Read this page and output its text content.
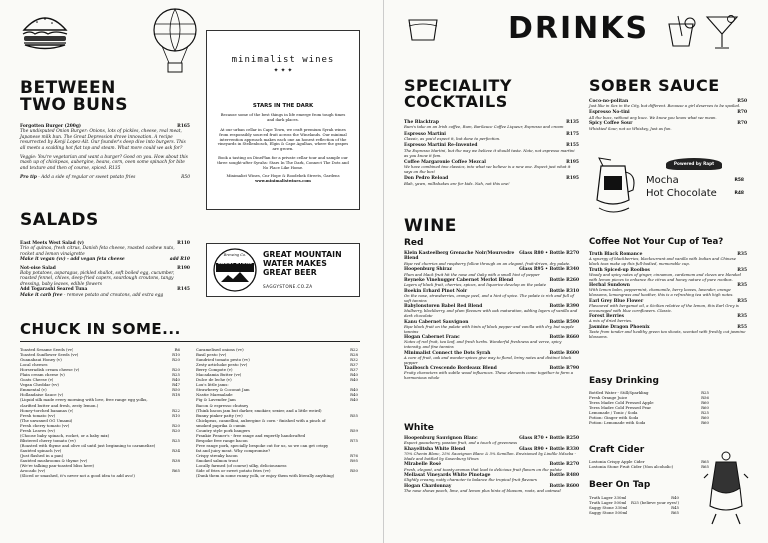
BETWEEN
TWO BUNS
Forgotten Burger (200g)	R165
The undisputed Onion Burger: Onions, lots of pickles, cheese, real meat, Japanese milk bun. The Great Depression drove innovation. A recipe resurrected by Kenji Lopez-Alt. Our founder's deep dive into burgers. This all meets a scalding hot flat top and steam. What more could we ask for?
Veggie: You're vegetarian and want a burger? Good on you. How about this mash up of chickpeas, aubergine, beans, corn, oven some spinach for bite and texture and then of course, spiced. R135
Pro tip - Add a side of regular or sweet potato fries	R50
SALADS
East Meets West Salad (v)	R110
Trio of quinoa, fresh citrus, Danish feta cheese, roasted cashew nuts, rocket and lemon vinaigrette
Make it vegan (vv) - add vegan feta cheese	add R10
Not-oise Salad	R190
Baby potatoes, asparagus, pickled shallot, soft boiled egg, cucumber, roasted fennel, chives, deep-fried capers, sourdough croutons, tangy dressing, baby leaves, edible flowers
Add Togarashi Seared Tuna	R145
Make it carb free - remove potato and croutons, add extra egg
CHUCK IN SOME...
Toasted Sesame Seeds (vv)	R6
Toasted Sunflower Seeds (vv)	R10
Guanabaui Honey (v)	R20
Local cheeses
Horseradish cream cheese (v)	R20
Plain cream cheese (v)	R25
Goats Cheese (v)	R40
Vegan Cheddar (vv)	R47
Emmental (v)	R50
Hollandaise Sauce (v)	R18
(Liquid silk made every morning with love, free range egg yolks,
clarified butter and fresh, zesty lemon.)
Honey-torched bananas (v)	R22
Fresh tomato (vv)	R10
(The unwaxed OG Umami)
Fresh cherry tomato (vv)	R20
Fresh Leaves (vv)	R20
(Choose baby spinach, rocket, or a baby mix)
Blistered cherry tomato (vv)	R25
(Roasted with thyme and olive oil until just beginning to caramelize)
Sautéed spinach (vv)	R34
(Just flashed in a pan)
Sautéed mushrooms & thyme (vv)	R38
(We're talking pan-toasted bliss here)
Avocado (vv)	R65
(Sliced or smashed, it's never not a good idea to add avo!)
Caramelised onions (vv)	R22
Basil pesto (vv)	R28
Sundried tomato pesto (vv)	R32
Zesty artichoke pesto (vv)	R37
Berry Compote (v)	R37
Macadamia Butter (vv)	R40
Dulce de leche (v)	R40
Lou's little jams:
Strawberry & Coconut Jam	R40
Nastie Marmalade	R40
Fig & Lavender Jam	R40
Bacon & espresso chutney
(Think bacon jam but darker, smokier, sexier, and a little weird)
Bunny pinker patty (vv)	R55
Chickpeas, cannellini, aubergine & corn - finished with a pinch of
smoked paprika & cumin
Country style pork bangers	R59
Frankie Fenner's - free range and expertly handcrafted
Bespoke free range bacon	R75
Free range pork, specially bespoke cut for us, so we can get crispy
fat and juicy meat. Why compromise?
Crispy streaky bacon	R76
Smoked salmon trout	R95
Locally farmed (of course) silky, deliciousness
Side of fries or sweet potato fries (vv)	R50
(Dunk them in some runny yolk, or enjoy them with literally anything)
minimalist wines
✦ ✦ ✦
STARS IN THE DARK
Because some of the best things in life emerge from tough times and dark places.
At our urban cellar in Cape Town, we craft premium Syrah wines from responsibly sourced fruit across the Winelands. Our minimal intervention approach makes each one an honest reflection of the vineyards in Stellenbosch, Elgin & Cape Agulhas, where the grapes are grown.
Book a tasting on DinePlan for a private cellar tour and sample our three sought-after Syrahs: Stars In The Dark, Connect The Dots and No Place Like Home.
Minimalist Wines, Cnr Hope & Roodehek Streets, Gardens
www.minimalistwines.com
SAGGY STONE
Brewing Co.	GREAT MOUNTAIN
WATER MAKES
GREAT BEER
SAGGYSTONE.CO.ZA
DRINKS
SPECIALITY
COCKTAILS
The Blacktrap	R135
Rum's take on an Irish coffee, Rum, BarSauce Coffee Liqueur, Espresso and cream
Espresso Martini	R175
Classic, as you'd expect it, but done to perfection.
Espresso Martini Re-Invented	R155
The Espresso Martini, but the way we believe it should taste. Note, not espresso martini as you know it fam.
Coffee Margaronie Coffee Mezcal	R195
We have combined two classics, into what we believe is a new one. Expect just what it says on the box!
Don Pedro Reload	R195
Blah, yawn, milkshakes are for kids. Nah, not this one!
SOBER SAUCE
Coco-no-politan	R50
Just like in Sex in the City, but different. Because a girl deserves to be spoiled.
Espresso No-tini	R70
All the buzz, without any buzz. We know you know what we mean.
Spicy Coffee Sour	R70
Whiskied Sour, not so Whiskey, Just as fun.
Powered by Rapt
Mocha	R58
Hot Chocolate	R48
WINE
Red
Klein Kasteelberg Grenache Noir/Mourvedre Blend
Glass R80 • Bottle R270
Ripe red cherries and raspberry follow through on an elegant, fruit-driven, dry palate.
Hoopenburg Shiraz	Glass R95 • Bottle R340
Plum and black fruit hit the nose and Oaky with a small hint of pepper
Reyneke Vinehugger Cabernet Merlot Blend	Bottle R260
Layers of black fruit, cherries, spices, and liquorice develop on the palate
Boekin Erhard Pinot Noir	Bottle R310
On the nose, strawberries, orange peel, and a hint of spice. The palate is rich and full of soft tannins
Babylonstoren Babel Red Blend	Bottle R390
Mulberry, blackberry, and plum flavours with oak maturation, adding layers of vanilla and dark chocolate
Kanu Cabernet Sauvignon	Bottle R590
Ripe black fruit on the palate with hints of black pepper and vanilla with dry, but supple tannins
Hogan Cabernet Franc	Bottle R660
Notes of red fruit, tea leaf, and fresh herbs. Wonderful freshness and verve, spicy intensity, and fine tannins
Minimalist Connect the Dots Syrah	Bottle R600
A core of fruit, oak and wonder spices give way to floral, briny notes and distinct black pepper
Taaibosch Crescendo Bordeaux Blend	Bottle R790
Fruity characters with subtle wood influences. These elements come together to form a harmonious whole
White
Hoopenburg Sauvignon Blanc	Glass R70 • Bottle R250
Expect gooseberry, passion fruit, and a touch of greenness
Khayelitsha White Blend	Glass R90 • Bottle R330
70% Chenin Blanc, 25% Sauvignon Blanc & 5% Semillon. Envisioned by Lindile Ndzaba - Made and bottled by Saxenburg Wines
Mirabelle Rosé	Bottle R270
Fresh, elegant, and toasty aromas that lead to delicious fruit flavors on the palate
Mellasat Vineyards White Pinotage	Bottle R480
Slightly creamy, nutty character to balance the tropical fruit flavours
Hogan Chardonnay	Bottle R600
The nose shows peach, lime, and lemon plus hints of blossom, roots, and oatmeal
Coffee Not Your Cup of Tea?
Truth Black Romance	R35
A synergy of blackberries, blackcurrant and vanilla with Indian and Chinese black teas make up this full-bodied, memorable cup.
Truth Spiced-up Rooibos	R35
Woody and spicy notes of ginger, cinnamon, cardamom and cloves are blended with lemon pieces to enhance the citrus and honey nature of pure rooibos.
Herbal Sundown	R35
With lemon balm, peppermint, chamomile, berry leaves, lavender, orange blossoms, lemongrass and heather, this is a refreshing tea with high notes.
Earl Grey Blue Flower	R35
Flavoured with bergamot oil, a Sicilian relative of the lemon, this Earl Grey is encouraged with blue cornflowers. Classic.
Forest Berries	R35
A mix of dried berries.
Jasmine Dragon Phoenix	R55
Taste from tender and healthy green tea shoots, scented with freshly cut jasmine blossoms.
Easy Drinking
Bottled Water - Still/Sparkling	R25
Fresh Orange Juice	R56
Terra Madre Cold Pressed Apple	R60
Terra Madre Cold Pressed Pear	R60
Lemonade / Tonic / Soda	R25
Potion: Ginger with Soda	R60
Potion: Lemonade with Soda	R60
Craft Cider
Lostonia Crispy Apple Cider	R65
Lostonia Stone Fruit Cider (Non alcoholic)	R65
Beer On Tap
Truth Lager 330ml	R40
Truth Lager 500ml R25 (believe your eyes!)
Saggy Stone 330ml	R45
Saggy Stone 500ml	R65
